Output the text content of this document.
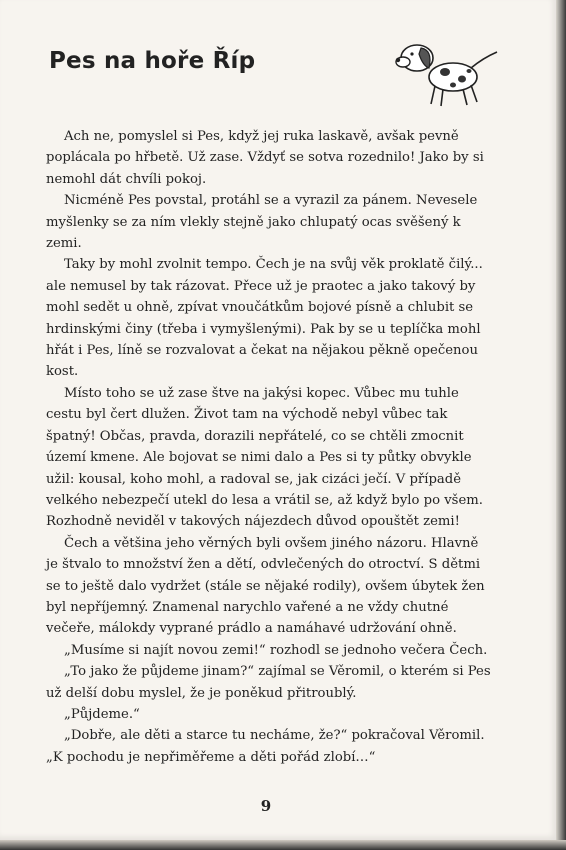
Pes na hoře Říp

Ach ne, pomyslel si Pes, když jej ruka laskavě, avšak pevně poplácala po hřbetě. Už zase. Vždyť se sotva rozednilo! Jako by si nemohl dát chvíli pokoj.

Nicméně Pes povstal, protáhl se a vyrazil za pánem. Nevesele myšlenky se za ním vlekly stejně jako chlupatý ocas svěšený k zemi.

Taky by mohl zvolnit tempo. Čech je na svůj věk proklatě čilý... ale nemusel by tak rázovat. Přece už je praotec a jako takový by mohl sedět u ohně, zpívat vnoučátkům bojové písně a chlubit se hrdinskými činy (třeba i vymyšlenými). Pak by se u teplíčka mohl hřát i Pes, líně se rozvalovat a čekat na nějakou pěkně opečenou kost.

Místo toho se už zase štve na jakýsi kopec. Vůbec mu tuhle cestu byl čert dlužen. Život tam na východě nebyl vůbec tak špatný! Občas, pravda, dorazili nepřátelé, co se chtěli zmocnit území kmene. Ale bojovat se nimi dalo a Pes si ty půtky obvykle užil: kousal, koho mohl, a radoval se, jak cizáci ječí. V případě velkého nebezpečí utekl do lesa a vrátil se, až když bylo po všem. Rozhodně neviděl v takových nájezdech důvod opouštět zemi!

Čech a většina jeho věrných byli ovšem jiného názoru. Hlavně je štvalo to množství žen a dětí, odvlečených do otroctví. S dětmi se to ještě dalo vydržet (stále se nějaké rodily), ovšem úbytek žen byl nepříjemný. Znamenal narychlo vařené a ne vždy chutné večeře, málokdy vyprané prádlo a namáhavé udržování ohně.

„Musíme si najít novou zemi!“ rozhodl se jednoho večera Čech.

„To jako že půjdeme jinam?“ zajímal se Věromil, o kterém si Pes už delší dobu myslel, že je poněkud přitroublý.

„Půjdeme.“

„Dobře, ale děti a starce tu necháme, že?“ pokračoval Věromil. „K pochodu je nepřiměřeme a děti pořád zlobí…“

9
